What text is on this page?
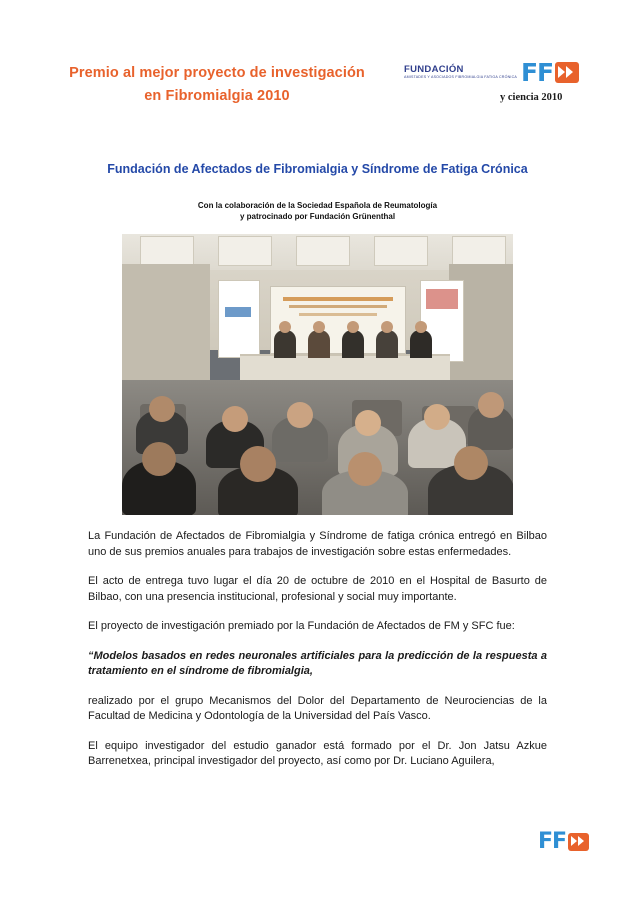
Premio al mejor proyecto de investigación
en Fibromialgia 2010
FUNDACIÓN
AMISTADES Y ASOCIADOS FIBROMIALGIA FATIGA CRÓNICA FF
y ciencia 2010
Fundación de Afectados de Fibromialgia y Síndrome de Fatiga Crónica
Con la colaboración de la Sociedad Española de Reumatología
y patrocinado por Fundación Grünenthal

La Fundación de Afectados de Fibromialgia y Síndrome de fatiga crónica entregó en Bilbao uno de sus premios anuales para trabajos de investigación sobre estas enfermedades.

El acto de entrega tuvo lugar el día 20 de octubre de 2010 en el Hospital de Basurto de Bilbao, con una presencia institucional, profesional y social muy importante.

El proyecto de investigación premiado por la Fundación de Afectados de FM y SFC fue:

“Modelos basados en redes neuronales artificiales para la predicción de la respuesta a tratamiento en el síndrome de fibromialgia,

realizado por el grupo Mecanismos del Dolor del Departamento de Neurociencias de la Facultad de Medicina y Odontología de la Universidad del País Vasco.

El equipo investigador del estudio ganador está formado por el Dr. Jon Jatsu Azkue Barrenetxea, principal investigador del proyecto, así como por Dr. Luciano Aguilera,

FF
